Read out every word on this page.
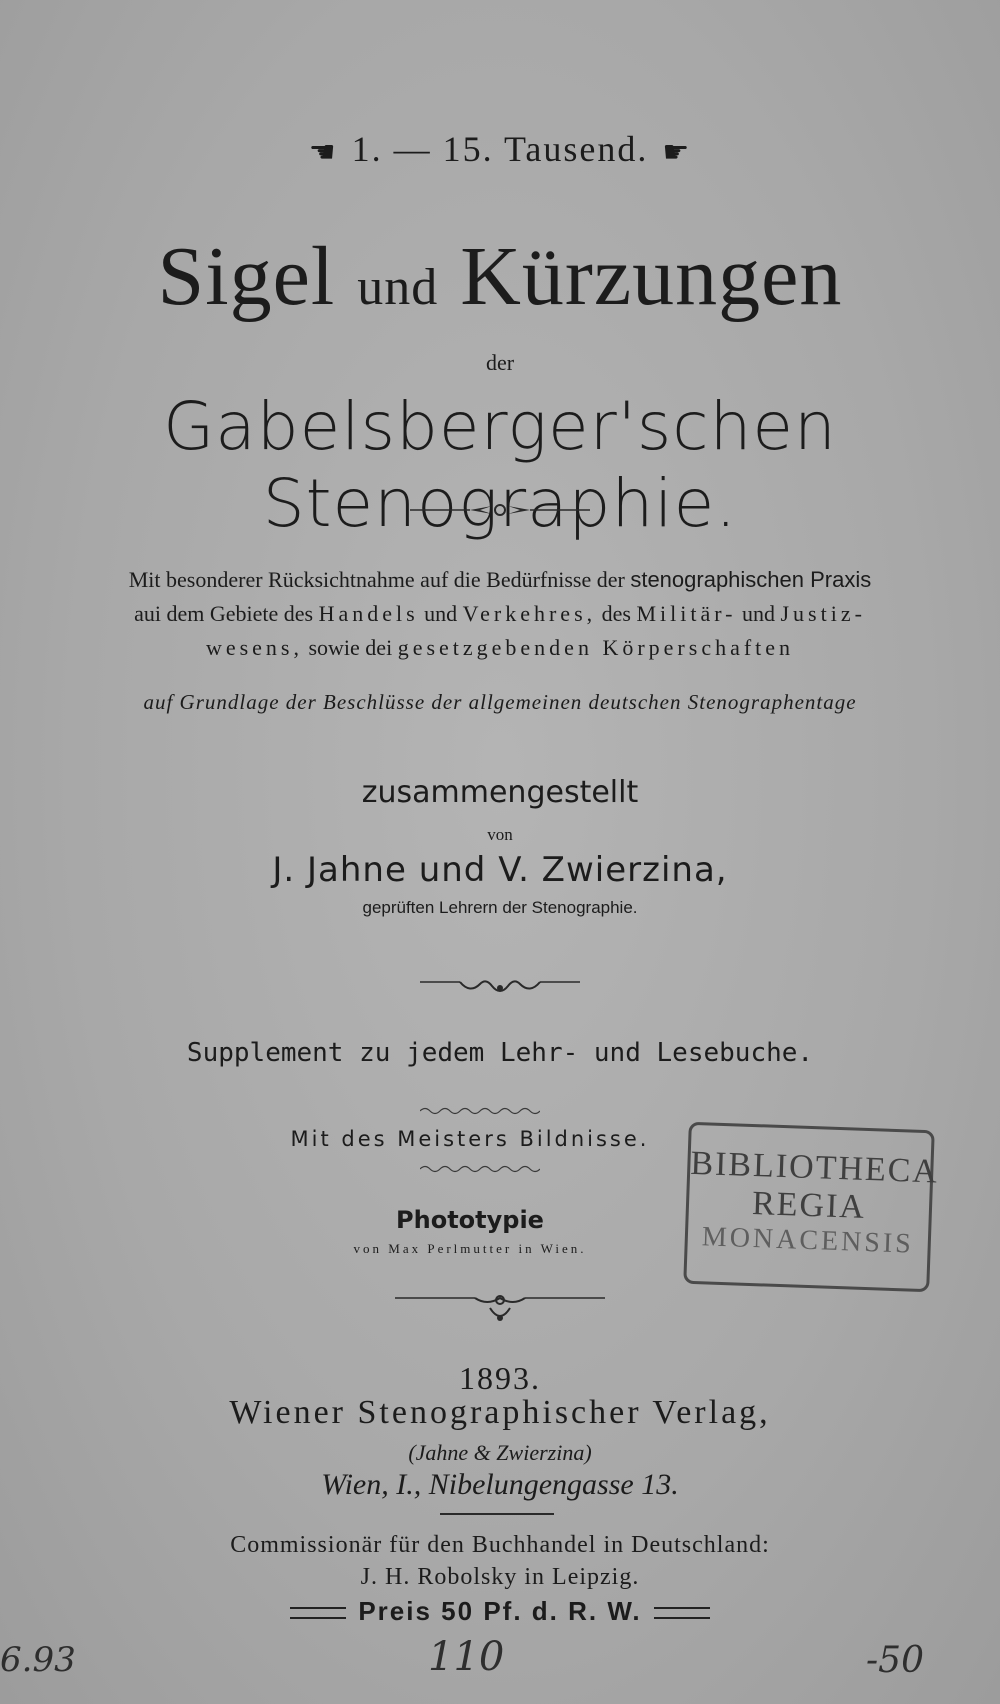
☚ 1. — 15. Tausend. ☛
Sigel und Kürzungen
der
Gabelsberger'schen Stenographie.
Mit besonderer Rücksichtnahme auf die Bedürfnisse der stenographischen Praxis
aui dem Gebiete des Handels und Verkehres, des Militär- und Justiz-
wesens, sowie dei gesetzgebenden Körperschaften
auf Grundlage der Beschlüsse der allgemeinen deutschen Stenographentage
zusammengestellt
von
J. Jahne und V. Zwierzina,
geprüften Lehrern der Stenographie.
Supplement zu jedem Lehr- und Lesebuche.
Mit des Meisters Bildnisse.
Phototypie
von Max Perlmutter in Wien.
BIBLIOTHECA
REGIA
MONACENSIS
1893.
Wiener Stenographischer Verlag,
(Jahne & Zwierzina)
Wien, I., Nibelungengasse 13.
Commissionär für den Buchhandel in Deutschland:
J. H. Robolsky in Leipzig.
Preis 50 Pf. d. R. W.
6.93	110	-50
